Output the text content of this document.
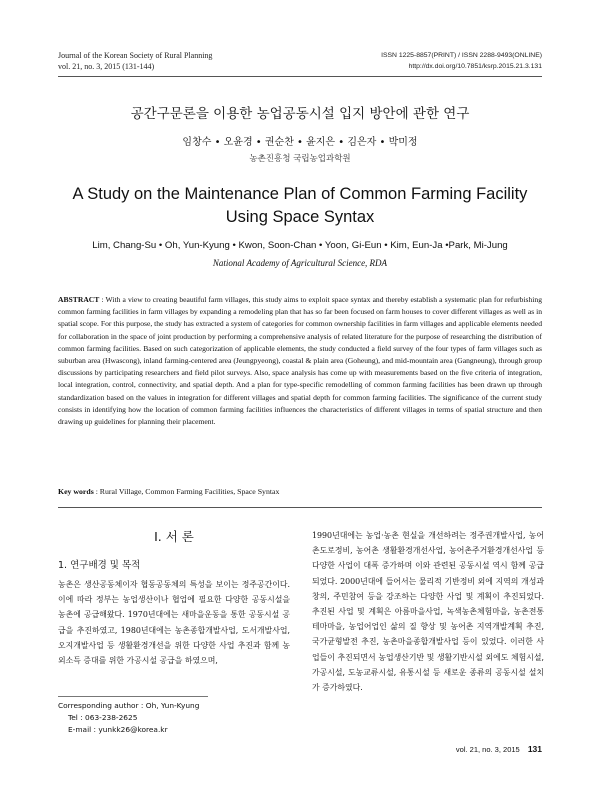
Journal of the Korean Society of Rural Planning
vol. 21, no. 3, 2015 (131-144)
ISSN 1225-8857(PRINT) / ISSN 2288-9493(ONLINE)
http://dx.doi.org/10.7851/ksrp.2015.21.3.131
공간구문론을 이용한 농업공동시설 입지 방안에 관한 연구
임창수 • 오윤경 • 권순찬 • 윤지은 • 김은자 • 박미정
농촌진흥청 국립농업과학원
A Study on the Maintenance Plan of Common Farming Facility
Using Space Syntax
Lim, Chang-Su • Oh, Yun-Kyung • Kwon, Soon-Chan • Yoon, Gi-Eun • Kim, Eun-Ja •Park, Mi-Jung
National Academy of Agricultural Science, RDA
ABSTRACT : With a view to creating beautiful farm villages, this study aims to exploit space syntax and thereby establish a systematic plan for refurbishing common farming facilities in farm villages by expanding a remodeling plan that has so far been focused on farm houses to cover different villages as well as in spatial scope. For this purpose, the study has extracted a system of categories for common ownership facilities in farm villages and applicable elements needed for collaboration in the space of joint production by performing a comprehensive analysis of related literature for the purpose of researching the distribution of common farming facilities. Based on such categorization of applicable elements, the study conducted a field survey of the four types of farm villages such as suburban area (Hwascong), inland farming-centered area (Jeungpyeong), coastal & plain area (Goheung), and mid-mountain area (Gangneung), through group discussions by participating researchers and field pilot surveys. Also, space analysis has come up with measurements based on the five criteria of integration, local integration, control, connectivity, and spatial depth. And a plan for type-specific remodelling of common farming facilities has been drawn up through standardization based on the values in integration for different villages and spatial depth for common farming facilities. The significance of the current study consists in identifying how the location of common farming facilities influences the characteristics of different villages in terms of spatial structure and then drawing up guidelines for planning their placement.
Key words : Rural Village, Common Farming Facilities, Space Syntax
Ⅰ. 서 론
1. 연구배경 및 목적
농촌은 생산공동체이자 협동공동체의 특성을 보이는 정주공간이다. 이에 따라 정부는 농업생산이나 협업에 필요한 다양한 공동시설을 농촌에 공급해왔다. 1970년대에는 새마을운동을 통한 공동시설 공급을 추진하였고, 1980년대에는 농촌종합개발사업, 도서개발사업, 오지개발사업 등 생활환경개선을 위한 다양한 사업 추진과 함께 농외소득 증대를 위한 가공시설 공급을 하였으며,
1990년대에는 농업·농촌 현실을 개선하려는 정주권개발사업, 농어촌도로정비, 농어촌 생활환경개선사업, 농어촌주거환경개선사업 등 다양한 사업이 대폭 증가하며 이와 관련된 공동시설 역시 함께 공급되었다. 2000년대에 들어서는 물리적 기반정비 외에 지역의 개성과 창의, 주민참여 등을 강조하는 다양한 사업 및 계획이 추진되었다. 추진된 사업 및 계획은 아름마을사업, 녹색농촌체험마을, 농촌전통테마마을, 농업어업인 삶의 질 향상 및 농어촌 지역개발계획 추진, 국가균형발전 추진, 농촌마을종합개발사업 등이 있었다. 이러한 사업들이 추진되면서 농업생산기반 및 생활기반시설 외에도 체험시설, 가공시설, 도농교류시설, 유통시설 등 새로운 종류의 공동시설 설치가 증가하였다.
Corresponding author : Oh, Yun-Kyung
Tel : 063-238-2625
E-mail : yunkk26@korea.kr
vol. 21, no. 3, 2015 131
